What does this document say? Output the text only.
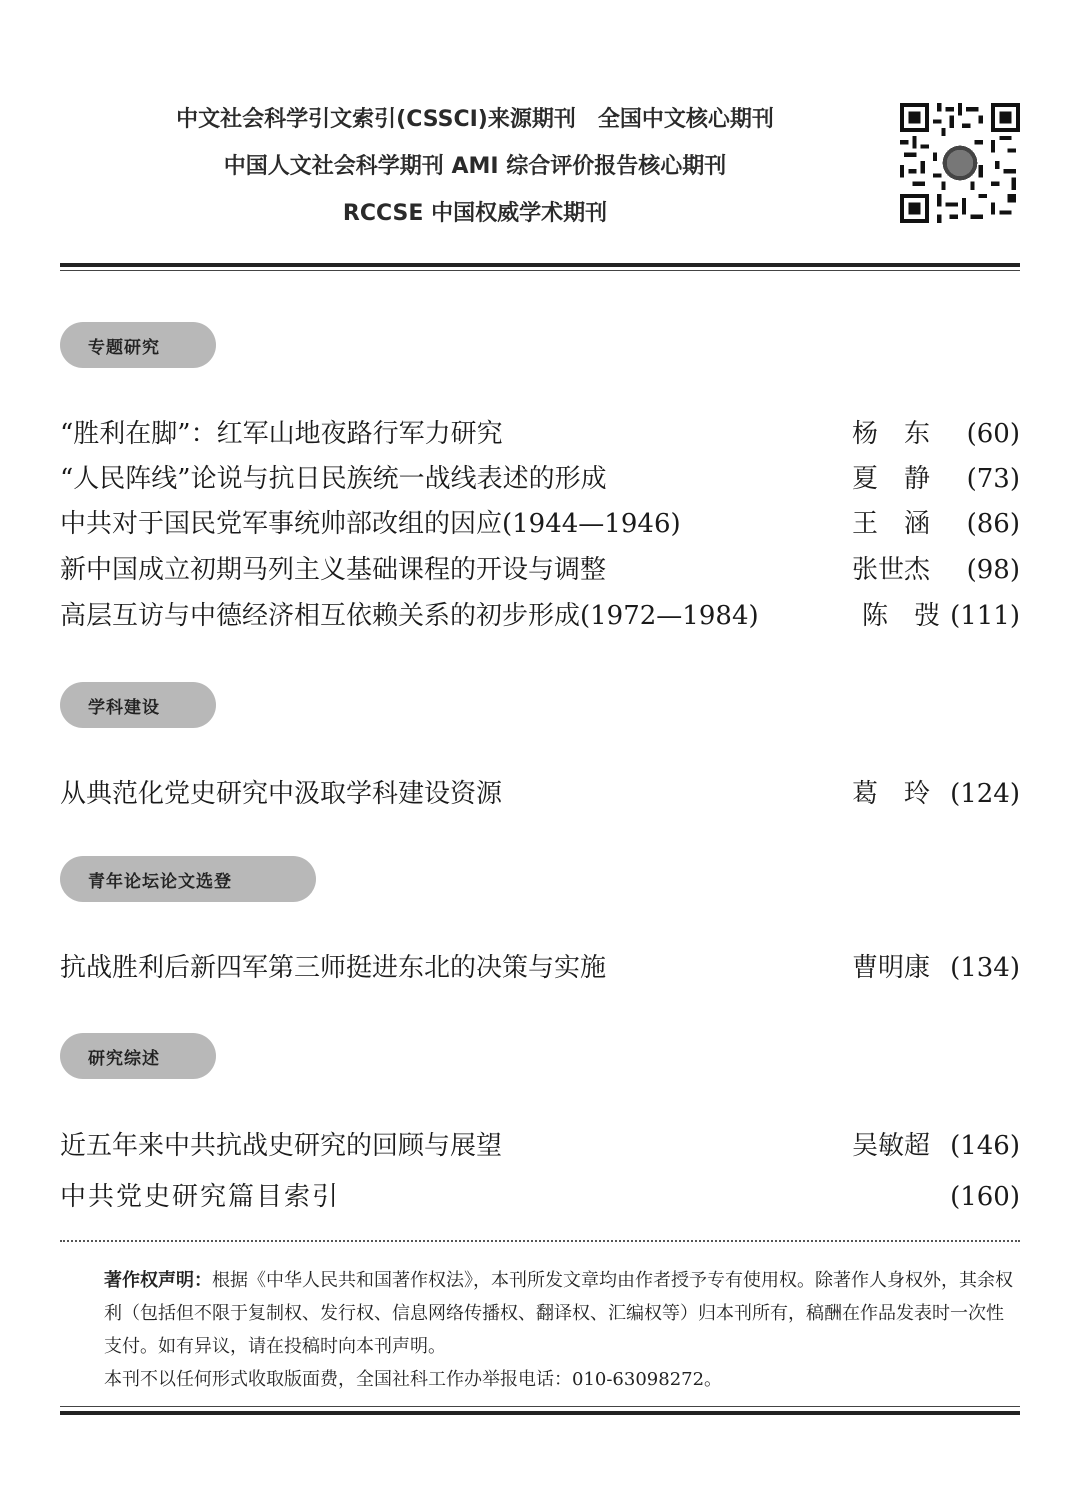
中文社会科学引文索引(CSSCI)来源期刊　全国中文核心期刊
中国人文社会科学期刊 AMI 综合评价报告核心期刊
RCCSE 中国权威学术期刊
专题研究
“胜利在脚”：红军山地夜路行军力研究	杨　东 (60)
“人民阵线”论说与抗日民族统一战线表述的形成	夏　静 (73)
中共对于国民党军事统帅部改组的因应(1944—1946)	王　涵 (86)
新中国成立初期马列主义基础课程的开设与调整	张世杰 (98)
高层互访与中德经济相互依赖关系的初步形成(1972—1984)	陈　弢 (111)
学科建设
从典范化党史研究中汲取学科建设资源	葛　玲 (124)
青年论坛论文选登
抗战胜利后新四军第三师挺进东北的决策与实施	曹明康 (134)
研究综述
近五年来中共抗战史研究的回顾与展望	吴敏超 (146)
中共党史研究篇目索引	(160)
著作权声明：根据《中华人民共和国著作权法》，本刊所发文章均由作者授予专有使用权。除著作人身权外，其余权利（包括但不限于复制权、发行权、信息网络传播权、翻译权、汇编权等）归本刊所有，稿酬在作品发表时一次性支付。如有异议，请在投稿时向本刊声明。
本刊不以任何形式收取版面费，全国社科工作办举报电话：010-63098272。
